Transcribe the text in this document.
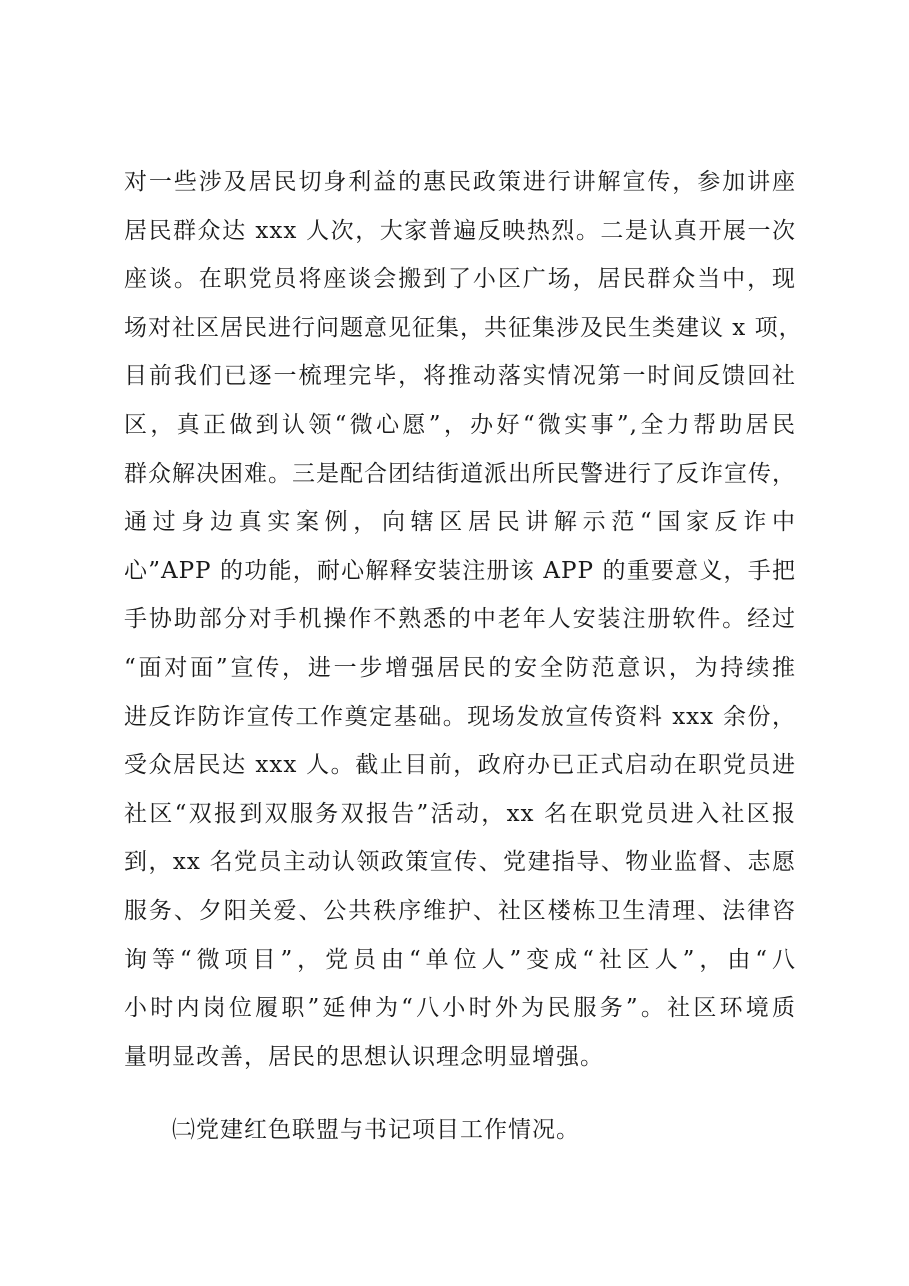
对一些涉及居民切身利益的惠民政策进行讲解宣传，参加讲座
居民群众达 xxx 人次，大家普遍反映热烈。二是认真开展一次
座谈。在职党员将座谈会搬到了小区广场，居民群众当中，现
场对社区居民进行问题意见征集，共征集涉及民生类建议 x 项，
目前我们已逐一梳理完毕，将推动落实情况第一时间反馈回社
区，真正做到认领“微心愿”，办好“微实事”,全力帮助居民
群众解决困难。三是配合团结街道派出所民警进行了反诈宣传，
通过身边真实案例，向辖区居民讲解示范“国家反诈中
心”APP 的功能，耐心解释安装注册该 APP 的重要意义，手把
手协助部分对手机操作不熟悉的中老年人安装注册软件。经过
“面对面”宣传，进一步增强居民的安全防范意识，为持续推
进反诈防诈宣传工作奠定基础。现场发放宣传资料 xxx 余份，
受众居民达 xxx 人。截止目前，政府办已正式启动在职党员进
社区“双报到双服务双报告”活动，xx 名在职党员进入社区报
到，xx 名党员主动认领政策宣传、党建指导、物业监督、志愿
服务、夕阳关爱、公共秩序维护、社区楼栋卫生清理、法律咨
询等“微项目”，党员由“单位人”变成“社区人”，由“八
小时内岗位履职”延伸为“八小时外为民服务”。社区环境质
量明显改善，居民的思想认识理念明显增强。
㈡党建红色联盟与书记项目工作情况。
